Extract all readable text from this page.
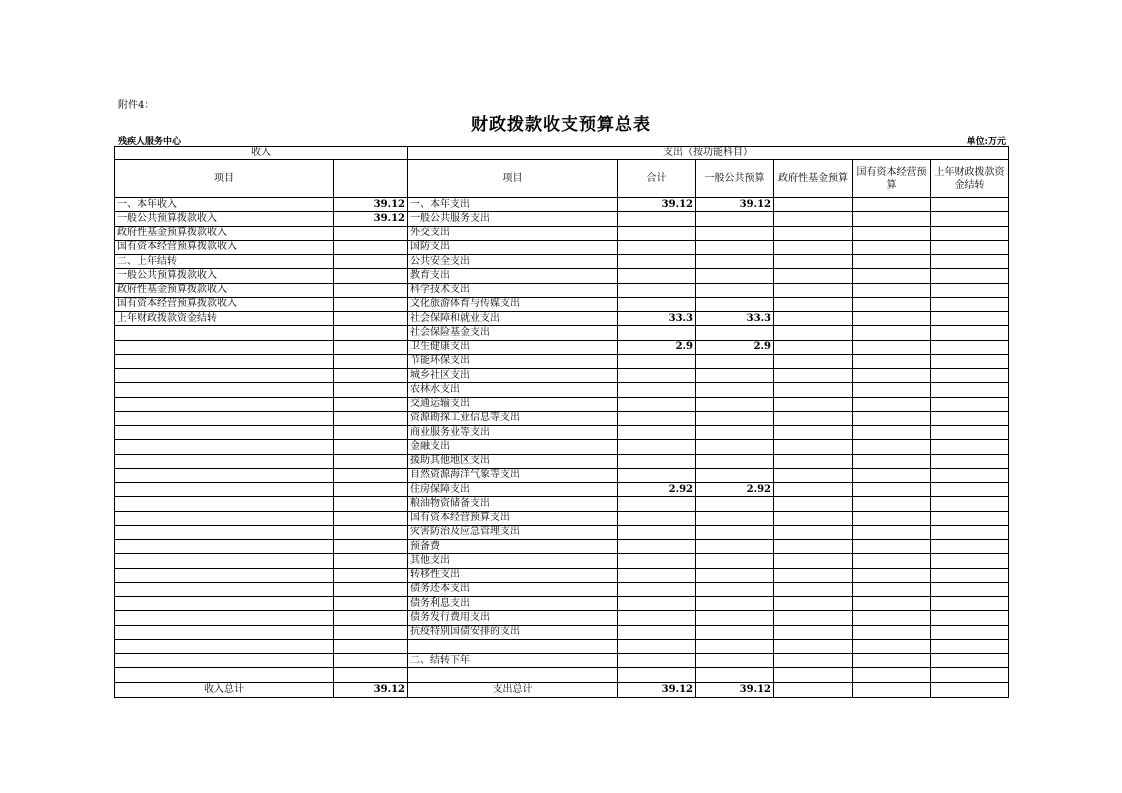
附件4：
财政拨款收支预算总表
残疾人服务中心	单位:万元
收入		支出（按功能科目）					
项目		项目	合计	一般公共预算	政府性基金预算	国有资本经营预算	上年财政拨款资金结转
一、本年收入	39.12	一、本年支出	39.12	39.12			
一般公共预算拨款收入	39.12	一般公共服务支出					
政府性基金预算拨款收入		外交支出					
国有资本经营预算拨款收入		国防支出					
二、上年结转		公共安全支出					
一般公共预算拨款收入		教育支出					
政府性基金预算拨款收入		科学技术支出					
国有资本经营预算拨款收入		文化旅游体育与传媒支出					
上年财政拨款资金结转		社会保障和就业支出	33.3	33.3			
		社会保险基金支出					
		卫生健康支出	2.9	2.9			
		节能环保支出					
		城乡社区支出					
		农林水支出					
		交通运输支出					
		资源勘探工业信息等支出					
		商业服务业等支出					
		金融支出					
		援助其他地区支出					
		自然资源海洋气象等支出					
		住房保障支出	2.92	2.92			
		粮油物资储备支出					
		国有资本经营预算支出					
		灾害防治及应急管理支出					
		预备费					
		其他支出					
		转移性支出					
		债务还本支出					
		债务利息支出					
		债务发行费用支出					
		抗疫特别国债安排的支出					

		二、结转下年					

收入总计	39.12	支出总计	39.12	39.12			
